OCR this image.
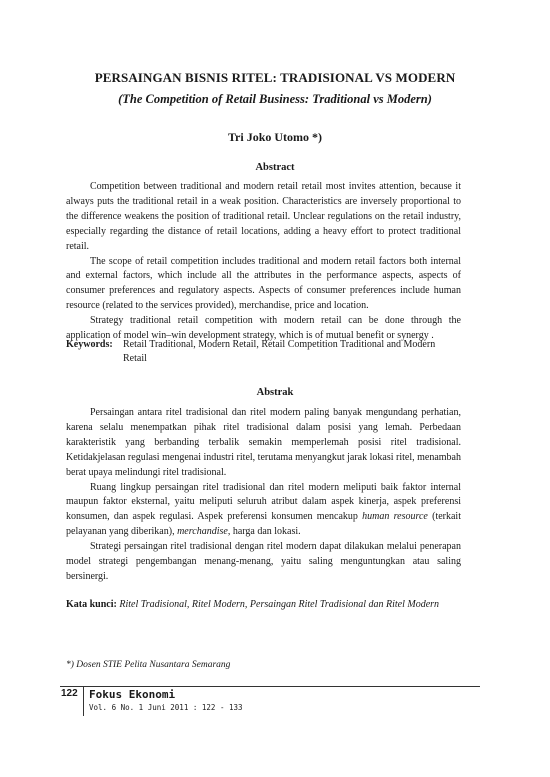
PERSAINGAN BISNIS RITEL: TRADISIONAL VS MODERN
(The Competition of Retail Business: Traditional vs Modern)
Tri Joko Utomo *)
Abstract

Competition between traditional and modern retail retail most invites attention, because it always puts the traditional retail in a weak position. Characteristics are inversely proportional to the difference weakens the position of traditional retail. Unclear regulations on the retail industry, especially regarding the distance of retail locations, adding a heavy effort to protect traditional retail.

The scope of retail competition includes traditional and modern retail factors both internal and external factors, which include all the attributes in the performance aspects, aspects of consumer preferences and regulatory aspects. Aspects of consumer preferences include human resource (related to the services provided), merchandise, price and location.

Strategy traditional retail competition with modern retail can be done through the application of model win–win development strategy, which is of mutual benefit or synergy .

Keywords:	Retail Traditional, Modern Retail, Retail Competition Traditional and Modern Retail
Abstrak

Persaingan antara ritel tradisional dan ritel modern paling banyak mengundang perhatian, karena selalu menempatkan pihak ritel tradisional dalam posisi yang lemah. Perbedaan karakteristik yang berbanding terbalik semakin memperlemah posisi ritel tradisional. Ketidakjelasan regulasi mengenai industri ritel, terutama menyangkut jarak lokasi ritel, menambah berat upaya melindungi ritel tradisional.

Ruang lingkup persaingan ritel tradisional dan ritel modern meliputi baik faktor internal maupun faktor eksternal, yaitu meliputi seluruh atribut dalam aspek kinerja, aspek preferensi konsumen, dan aspek regulasi. Aspek preferensi konsumen mencakup human resource (terkait pelayanan yang diberikan), merchandise, harga dan lokasi.

Strategi persaingan ritel tradisional dengan ritel modern dapat dilakukan melalui penerapan model strategi pengembangan menang-menang, yaitu saling menguntungkan atau saling bersinergi.

Kata kunci: Ritel Tradisional, Ritel Modern, Persaingan Ritel Tradisional dan Ritel Modern
*) Dosen STIE Pelita Nusantara Semarang
122 Fokus Ekonomi
Vol. 6 No. 1 Juni 2011 : 122 - 133
